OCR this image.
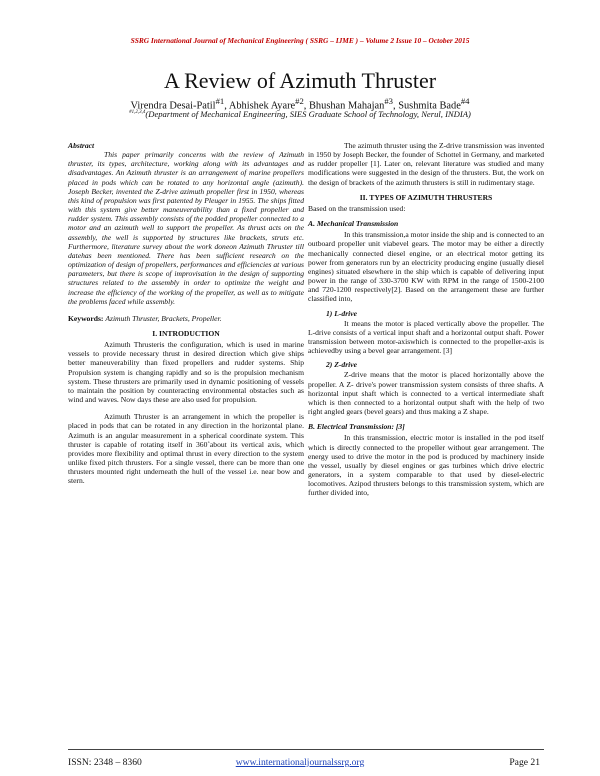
SSRG International Journal of Mechanical Engineering ( SSRG – IJME ) – Volume 2 Issue 10 – October 2015
A Review of Azimuth Thruster
Virendra Desai-Patil$^{\#1}$, Abhishek Ayare$^{\#2}$, Bhushan Mahajan$^{\#3}$, Sushmita Bade$^{\#4}$
$^{\#1,2,3,4}$(Department of Mechanical Engineering, SIES Graduate School of Technology, Nerul, INDIA)

Abstract

This paper primarily concerns with the review of Azimuth thruster, its types, architecture, working along with its advantages and disadvantages. An Azimuth thruster is an arrangement of marine propellers placed in pods which can be rotated to any horizontal angle (azimuth). Joseph Becker, invented the Z-drive azimuth propeller first in 1950, whereas this kind of propulsion was first patented by Pleuger in 1955. The ships fitted with this system give better maneuverability than a fixed propeller and rudder system. This assembly consists of the podded propeller connected to a motor and an azimuth well to support the propeller. As thrust acts on the assembly, the well is supported by structures like brackets, struts etc. Furthermore, literature survey about the work doneon Azimuth Thruster till datehas been mentioned. There has been sufficient research on the optimization of design of propellers, performances and efficiencies at various parameters, but there is scope of improvisation in the design of supporting structures related to the assembly in order to optimize the weight and increase the efficiency of the working of the propeller, as well as to mitigate the problems faced while assembly.

Keywords: Azimuth Thruster, Brackets, Propeller.

I. INTRODUCTION

Azimuth Thrusteris the configuration, which is used in marine vessels to provide necessary thrust in desired direction which give ships better maneuverability than fixed propellers and rudder systems. Ship Propulsion system is changing rapidly and so is the propulsion mechanism system. These thrusters are primarily used in dynamic positioning of vessels to maintain the position by counteracting environmental obstacles such as wind and waves. Now days these are also used for propulsion.

Azimuth Thruster is an arrangement in which the propeller is placed in pods that can be rotated in any direction in the horizontal plane. Azimuth is an angular measurement in a spherical coordinate system. This thruster is capable of rotating itself in 360˚about its vertical axis, which provides more flexibility and optimal thrust in every direction to the system unlike fixed pitch thrusters. For a single vessel, there can be more than one thrusters mounted right underneath the hull of the vessel i.e. near bow and stern.

The azimuth thruster using the Z-drive transmission was invented in 1950 by Joseph Becker, the founder of Schottel in Germany, and marketed as rudder propeller [1]. Later on, relevant literature was studied and many modifications were suggested in the design of the thrusters. But, the work on the design of brackets of the azimuth thrusters is still in rudimentary stage.

II. TYPES OF AZIMUTH THRUSTERS

Based on the transmission used:

A. Mechanical Transmission

In this transmission,a motor inside the ship and is connected to an outboard propeller unit viabevel gears. The motor may be either a directly mechanically connected diesel engine, or an electrical motor getting its power from generators run by an electricity producing engine (usually diesel engines) situated elsewhere in the ship which is capable of delivering input power in the range of 330-3700 KW with RPM in the range of 1500-2100 and 720-1200 respectively[2]. Based on the arrangement these are further classified into,

1) L-drive

It means the motor is placed vertically above the propeller. The L-drive consists of a vertical input shaft and a horizontal output shaft. Power transmission between motor-axiswhich is connected to the propeller-axis is achievedby using a bevel gear arrangement. [3]

2) Z-drive

Z-drive means that the motor is placed horizontally above the propeller. A Z- drive's power transmission system consists of three shafts. A horizontal input shaft which is connected to a vertical intermediate shaft which is then connected to a horizontal output shaft with the help of two right angled gears (bevel gears) and thus making a Z shape.

B. Electrical Transmission: [3]

In this transmission, electric motor is installed in the pod itself which is directly connected to the propeller without gear arrangement. The energy used to drive the motor in the pod is produced by machinery inside the vessel, usually by diesel engines or gas turbines which drive electric generators, in a system comparable to that used by diesel-electric locomotives. Azipod thrusters belongs to this transmission system, which are further divided into,

ISSN: 2348 – 8360	www.internationaljournalssrg.org	Page 21
